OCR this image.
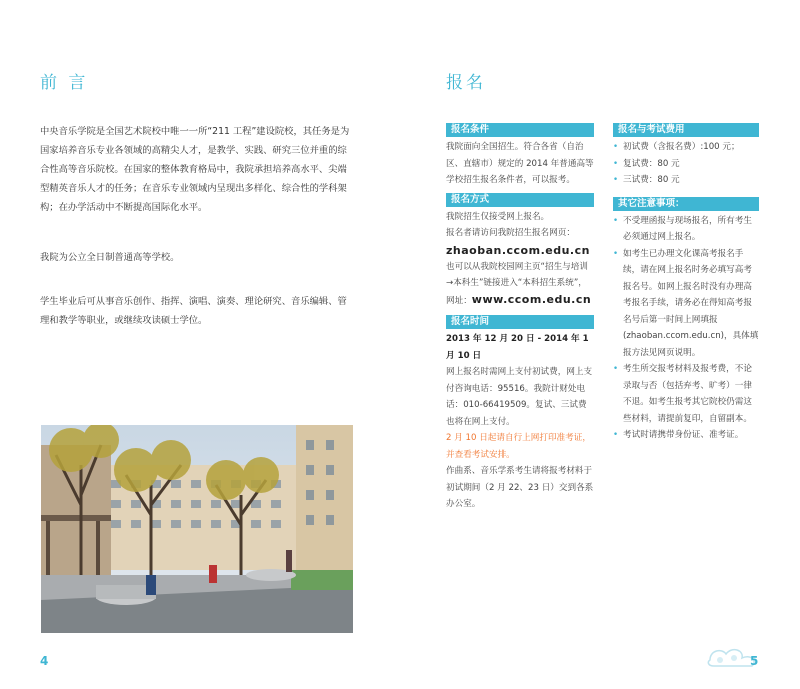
前 言
中央音乐学院是全国艺术院校中唯一一所“211 工程”建设院校，其任务是为国家培养音乐专业各领域的高精尖人才，是教学、实践、研究三位并重的综合性高等音乐院校。在国家的整体教育格局中，我院承担培养高水平、尖端型精英音乐人才的任务；在音乐专业领域内呈现出多样化、综合性的学科架构；在办学活动中不断提高国际化水平。
我院为公立全日制普通高等学校。
学生毕业后可从事音乐创作、指挥、演唱、演奏、理论研究、音乐编辑、管理和教学等职业，或继续攻读硕士学位。
4
报名
报名条件
我院面向全国招生。符合各省（自治区、直辖市）规定的 2014 年普通高等学校招生报名条件者，可以报考。
报名方式
我院招生仅接受网上报名。
报名者请访问我院招生报名网页：
zhaoban.ccom.edu.cn
也可以从我院校园网主页“招生与培训→本科生”链接进入“本科招生系统”，网址：www.ccom.edu.cn
报名时间
2013 年 12 月 20 日 - 2014 年 1 月 10 日
网上报名时需网上支付初试费，网上支付咨询电话：95516。我院计财处电话：010-66419509。复试、三试费也将在网上支付。
2 月 10 日起请自行上网打印准考证，并查看考试安排。
作曲系、音乐学系考生请将报考材料于初试期间（2 月 22、23 日）交到各系办公室。
报名与考试费用
• 初试费（含报名费）:100 元；
• 复试费：80 元
• 三试费：80 元
其它注意事项：
• 不受理函报与现场报名，所有考生必须通过网上报名。
• 如考生已办理文化课高考报名手续，请在网上报名时务必填写高考报名号。如网上报名时没有办理高考报名手续，请务必在得知高考报名号后第一时间上网填报(zhaoban.ccom.edu.cn)，具体填报方法见网页说明。
• 考生所交报考材料及报考费，不论录取与否（包括弃考、旷考）一律不退。如考生报考其它院校仍需这些材料，请提前复印，自留副本。
• 考试时请携带身份证、准考证。
5
